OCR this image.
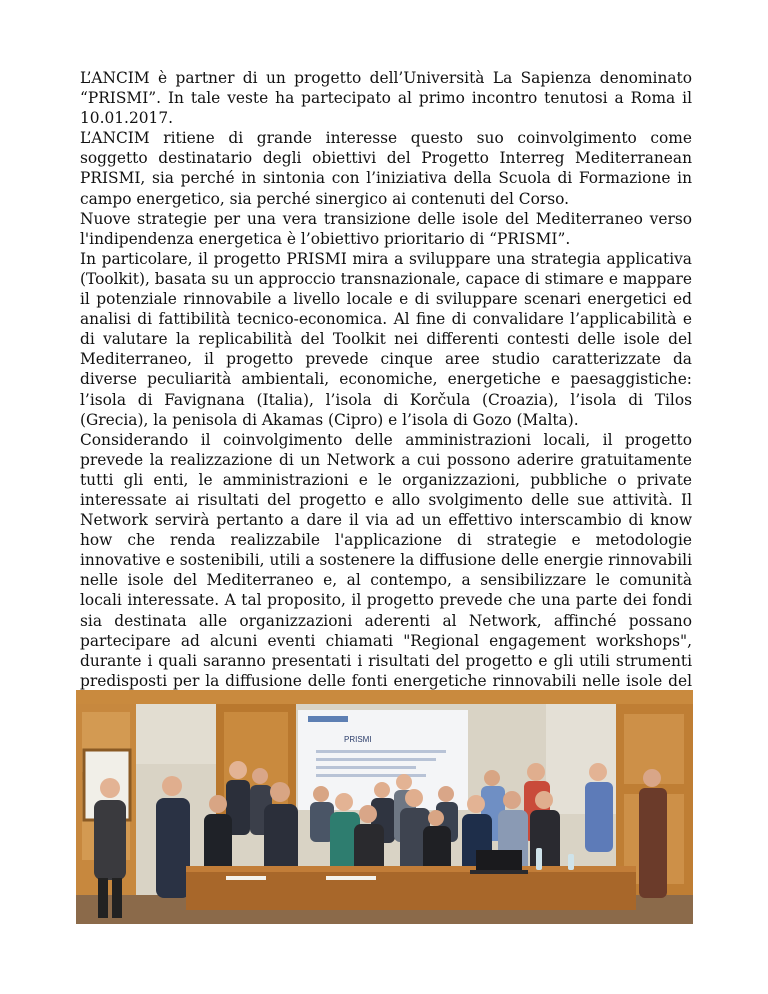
L’ANCIM è partner di un progetto dell’Università La Sapienza denominato “PRISMI”. In tale veste ha partecipato al primo incontro tenutosi a Roma il 10.01.2017.

L’ANCIM ritiene di grande interesse questo suo coinvolgimento come soggetto destinatario degli obiettivi del Progetto Interreg Mediterranean PRISMI, sia perché in sintonia con l’iniziativa della Scuola di Formazione in campo energetico, sia perché sinergico ai contenuti del Corso.

Nuove strategie per una vera transizione delle isole del Mediterraneo verso l'indipendenza energetica è l’obiettivo prioritario di “PRISMI”.

In particolare, il progetto PRISMI mira a sviluppare una strategia applicativa (Toolkit), basata su un approccio transnazionale, capace di stimare e mappare il potenziale rinnovabile a livello locale e di sviluppare scenari energetici ed analisi di fattibilità tecnico-economica. Al fine di convalidare l’applicabilità e di valutare la replicabilità del Toolkit nei differenti contesti delle isole del Mediterraneo, il progetto prevede cinque aree studio caratterizzate da diverse peculiarità ambientali, economiche, energetiche e paesaggistiche: l’isola di Favignana (Italia), l’isola di Korčula (Croazia), l’isola di Tilos (Grecia), la penisola di Akamas (Cipro) e l’isola di Gozo (Malta).

Considerando il coinvolgimento delle amministrazioni locali, il progetto prevede la realizzazione di un Network a cui possono aderire gratuitamente tutti gli enti, le amministrazioni e le organizzazioni, pubbliche o private interessate ai risultati del progetto e allo svolgimento delle sue attività. Il Network servirà pertanto a dare il via ad un effettivo interscambio di know how che renda realizzabile l'applicazione di strategie e metodologie innovative e sostenibili, utili a sostenere la diffusione delle energie rinnovabili nelle isole del Mediterraneo e, al contempo, a sensibilizzare le comunità locali interessate. A tal proposito, il progetto prevede che una parte dei fondi sia destinata alle organizzazioni aderenti al Network, affinché possano partecipare ad alcuni eventi chiamati "Regional engagement workshops", durante i quali saranno presentati i risultati del progetto e gli utili strumenti predisposti per la diffusione delle fonti energetiche rinnovabili nelle isole del

PRISMI
